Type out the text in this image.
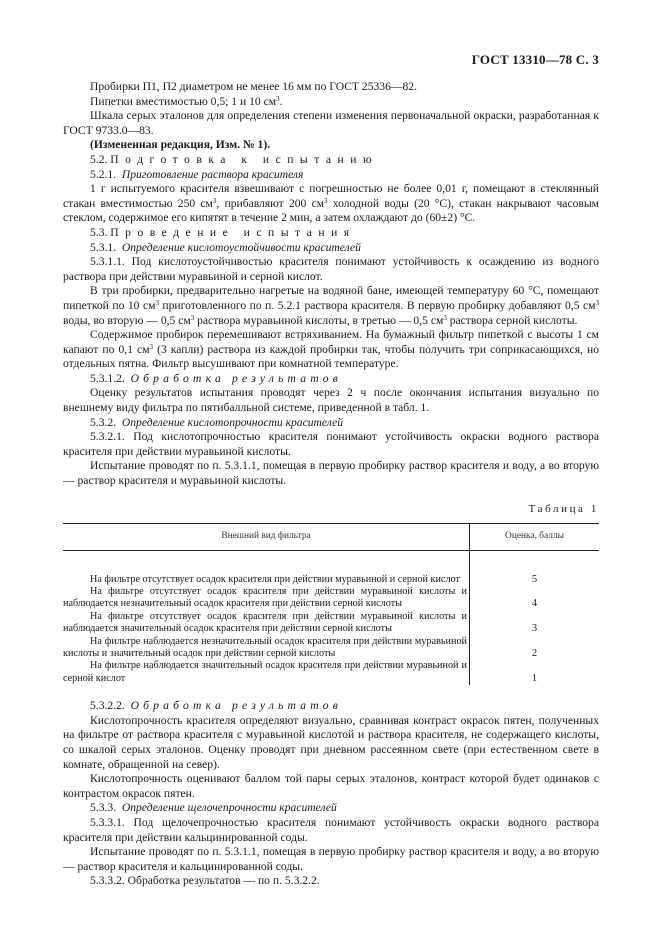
ГОСТ 13310—78 С. 3

Пробирки П1, П2 диаметром не менее 16 мм по ГОСТ 25336—82.

Пипетки вместимостью 0,5; 1 и 10 $см^3$.

Шкала серых эталонов для определения степени изменения первоначальной окраски, разработанная к ГОСТ 9733.0—83.

(Измененная редакция, Изм. № 1).

5.2. Подготовка к испытанию

5.2.1. Приготовление раствора красителя

1 г испытуемого красителя взвешивают с погрешностью не более 0,01 г, помещают в стеклянный стакан вместимостью 250 $см^3$, прибавляют 200 $см^3$ холодной воды (20 °С), стакан накрывают часовым стеклом, содержимое его кипятят в течение 2 мин, а затем охлаждают до (60±2) °С.

5.3. Проведение испытания

5.3.1. Определение кислотоустойчивости красителей

5.3.1.1. Под кислотоустойчивостью красителя понимают устойчивость к осаждению из водного раствора при действии муравьиной и серной кислот.

В три пробирки, предварительно нагретые на водяной бане, имеющей температуру 60 °С, помещают пипеткой по 10 $см^3$ приготовленного по п. 5.2.1 раствора красителя. В первую пробирку добавляют 0,5 $см^3$ воды, во вторую — 0,5 $см^3$ раствора муравьиной кислоты, в третью — 0,5 $см^3$ раствора серной кислоты.

Содержимое пробирок перемешивают встряхиванием. На бумажный фильтр пипеткой с высоты 1 см капают по 0,1 $см^3$ (3 капли) раствора из каждой пробирки так, чтобы получить три соприкасающихся, но отдельных пятна. Фильтр высушивают при комнатной температуре.

5.3.1.2. Обработка результатов

Оценку результатов испытания проводят через 2 ч после окончания испытания визуально по внешнему виду фильтра по пятибалльной системе, приведенной в табл. 1.

5.3.2. Определение кислотопрочности красителей

5.3.2.1. Под кислотопрочностью красителя понимают устойчивость окраски водного раствора красителя при действии муравьиной кислоты.

Испытание проводят по п. 5.3.1.1, помещая в первую пробирку раствор красителя и воду, а во вторую — раствор красителя и муравьиной кислоты.

Таблица 1
Внешний вид фильтра	Оценка, баллы

На фильтре отсутствует осадок красителя при действии муравьиной и серной кислот	5

На фильтре отсутствует осадок красителя при действии муравьиной кислоты и наблюдается незначительный осадок красителя при действии серной кислоты	4

На фильтре отсутствует осадок красителя при действии муравьиной кислоты и наблюдается значительный осадок красителя при действии серной кислоты	3

На фильтре наблюдается незначительный осадок красителя при действии муравьиной кислоты и значительный осадок при действии серной кислоты	2

На фильтре наблюдается значительный осадок красителя при действии муравьиной и серной кислот	1

5.3.2.2. Обработка результатов

Кислотопрочность красителя определяют визуально, сравнивая контраст окрасок пятен, полученных на фильтре от раствора красителя с муравьиной кислотой и раствора красителя, не содержащего кислоты, со шкалой серых эталонов. Оценку проводят при дневном рассеянном свете (при естественном свете в комнате, обращенной на север).

Кислотопрочность оценивают баллом той пары серых эталонов, контраст которой будет одинаков с контрастом окрасок пятен.

5.3.3. Определение щелочепрочности красителей

5.3.3.1. Под щелочепрочностью красителя понимают устойчивость окраски водного раствора красителя при действии кальцинированной соды.

Испытание проводят по п. 5.3.1.1, помещая в первую пробирку раствор красителя и воду, а во вторую — раствор красителя и кальцинированной соды.

5.3.3.2. Обработка результатов — по п. 5.3.2.2.
